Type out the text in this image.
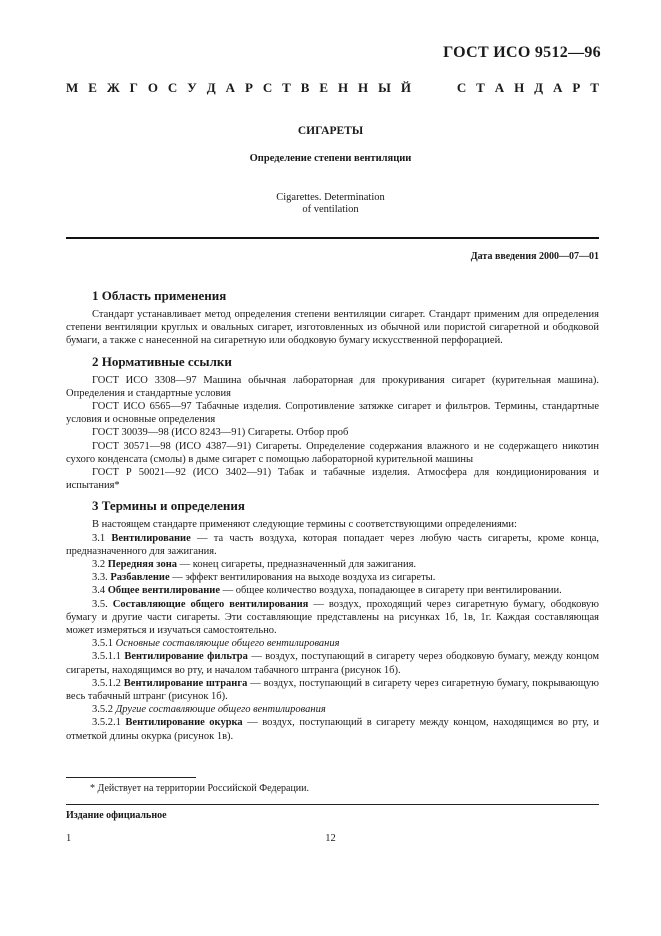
ГОСТ ИСО 9512—96
М Е Ж Г О С У Д А Р С Т В Е Н Н Ы Й	С Т А Н Д А Р Т
СИГАРЕТЫ
Определение степени вентиляции
Cigarettes. Determination
of ventilation
Дата введения 2000—07—01
1 Область применения

Стандарт устанавливает метод определения степени вентиляции сигарет. Стандарт применим для определения степени вентиляции круглых и овальных сигарет, изготовленных из обычной или пористой сигаретной и ободковой бумаги, а также с нанесенной на сигаретную или ободковую бумагу искусственной перфорацией.

2 Нормативные ссылки

ГОСТ ИСО 3308—97 Машина обычная лабораторная для прокуривания сигарет (курительная машина). Определения и стандартные условия

ГОСТ ИСО 6565—97 Табачные изделия. Сопротивление затяжке сигарет и фильтров. Термины, стандартные условия и основные определения

ГОСТ 30039—98 (ИСО 8243—91) Сигареты. Отбор проб

ГОСТ 30571—98 (ИСО 4387—91) Сигареты. Определение содержания влажного и не содержащего никотин сухого конденсата (смолы) в дыме сигарет с помощью лабораторной курительной машины

ГОСТ Р 50021—92 (ИСО 3402—91) Табак и табачные изделия. Атмосфера для кондиционирования и испытания*

3 Термины и определения

В настоящем стандарте применяют следующие термины с соответствующими определениями:

3.1 Вентилирование — та часть воздуха, которая попадает через любую часть сигареты, кроме конца, предназначенного для зажигания.

3.2 Передняя зона — конец сигареты, предназначенный для зажигания.

3.3. Разбавление — эффект вентилирования на выходе воздуха из сигареты.

3.4 Общее вентилирование — общее количество воздуха, попадающее в сигарету при вентилировании.

3.5. Составляющие общего вентилирования — воздух, проходящий через сигаретную бумагу, ободковую бумагу и другие части сигареты. Эти составляющие представлены на рисунках 1б, 1в, 1г. Каждая составляющая может измеряться и изучаться самостоятельно.

3.5.1 Основные составляющие общего вентилирования

3.5.1.1 Вентилирование фильтра — воздух, поступающий в сигарету через ободковую бумагу, между концом сигареты, находящимся во рту, и началом табачного штранга (рисунок 1б).

3.5.1.2 Вентилирование штранга — воздух, поступающий в сигарету через сигаретную бумагу, покрывающую весь табачный штранг (рисунок 1б).

3.5.2 Другие составляющие общего вентилирования

3.5.2.1 Вентилирование окурка — воздух, поступающий в сигарету между концом, находящимся во рту, и отметкой длины окурка (рисунок 1в).

* Действует на территории Российской Федерации.
Издание официальное
1	12
